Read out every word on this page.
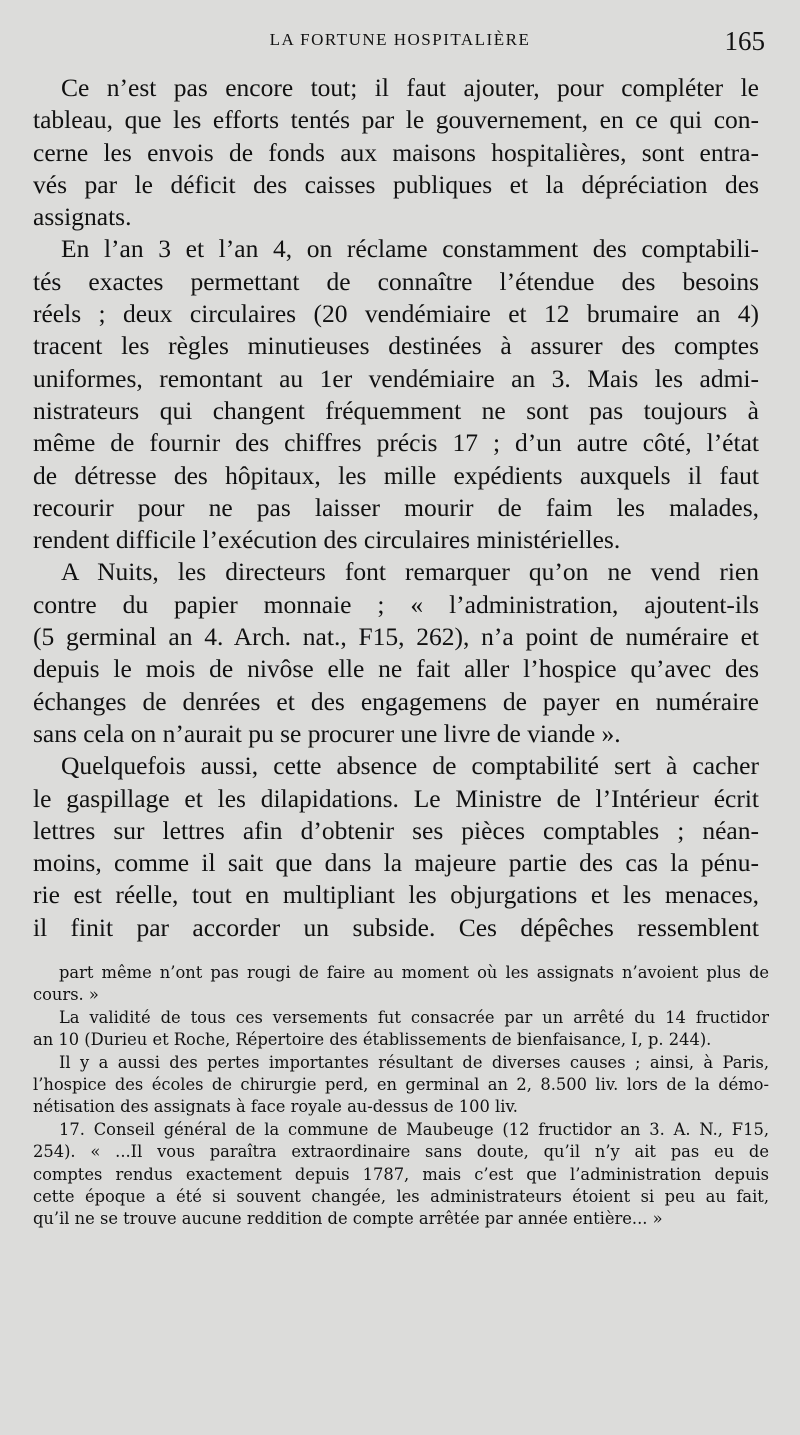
LA FORTUNE HOSPITALIÈRE	165

Ce n’est pas encore tout; il faut ajouter, pour compléter le
tableau, que les efforts tentés par le gouvernement, en ce qui con-
cerne les envois de fonds aux maisons hospitalières, sont entra-
vés par le déficit des caisses publiques et la dépréciation des
assignats.

En l’an 3 et l’an 4, on réclame constamment des comptabili-
tés exactes permettant de connaître l’étendue des besoins
réels ; deux circulaires (20 vendémiaire et 12 brumaire an 4)
tracent les règles minutieuses destinées à assurer des comptes
uniformes, remontant au 1er vendémiaire an 3. Mais les admi-
nistrateurs qui changent fréquemment ne sont pas toujours à
même de fournir des chiffres précis 17 ; d’un autre côté, l’état
de détresse des hôpitaux, les mille expédients auxquels il faut
recourir pour ne pas laisser mourir de faim les malades,
rendent difficile l’exécution des circulaires ministérielles.

A Nuits, les directeurs font remarquer qu’on ne vend rien
contre du papier monnaie ; « l’administration, ajoutent-ils
(5 germinal an 4. Arch. nat., F15, 262), n’a point de numéraire et
depuis le mois de nivôse elle ne fait aller l’hospice qu’avec des
échanges de denrées et des engagemens de payer en numéraire
sans cela on n’aurait pu se procurer une livre de viande ».

Quelquefois aussi, cette absence de comptabilité sert à cacher
le gaspillage et les dilapidations. Le Ministre de l’Intérieur écrit
lettres sur lettres afin d’obtenir ses pièces comptables ; néan-
moins, comme il sait que dans la majeure partie des cas la pénu-
rie est réelle, tout en multipliant les objurgations et les menaces,
il finit par accorder un subside. Ces dépêches ressemblent

part même n’ont pas rougi de faire au moment où les assignats n’avoient plus de
cours. »
La validité de tous ces versements fut consacrée par un arrêté du 14 fructidor
an 10 (Durieu et Roche, Répertoire des établissements de bienfaisance, I, p. 244).
Il y a aussi des pertes importantes résultant de diverses causes ; ainsi, à Paris,
l’hospice des écoles de chirurgie perd, en germinal an 2, 8.500 liv. lors de la démo-
nétisation des assignats à face royale au-dessus de 100 liv.
17. Conseil général de la commune de Maubeuge (12 fructidor an 3. A. N., F15,
254). « ...Il vous paraîtra extraordinaire sans doute, qu’il n’y ait pas eu de
comptes rendus exactement depuis 1787, mais c’est que l’administration depuis
cette époque a été si souvent changée, les administrateurs étoient si peu au fait,
qu’il ne se trouve aucune reddition de compte arrêtée par année entière... »
